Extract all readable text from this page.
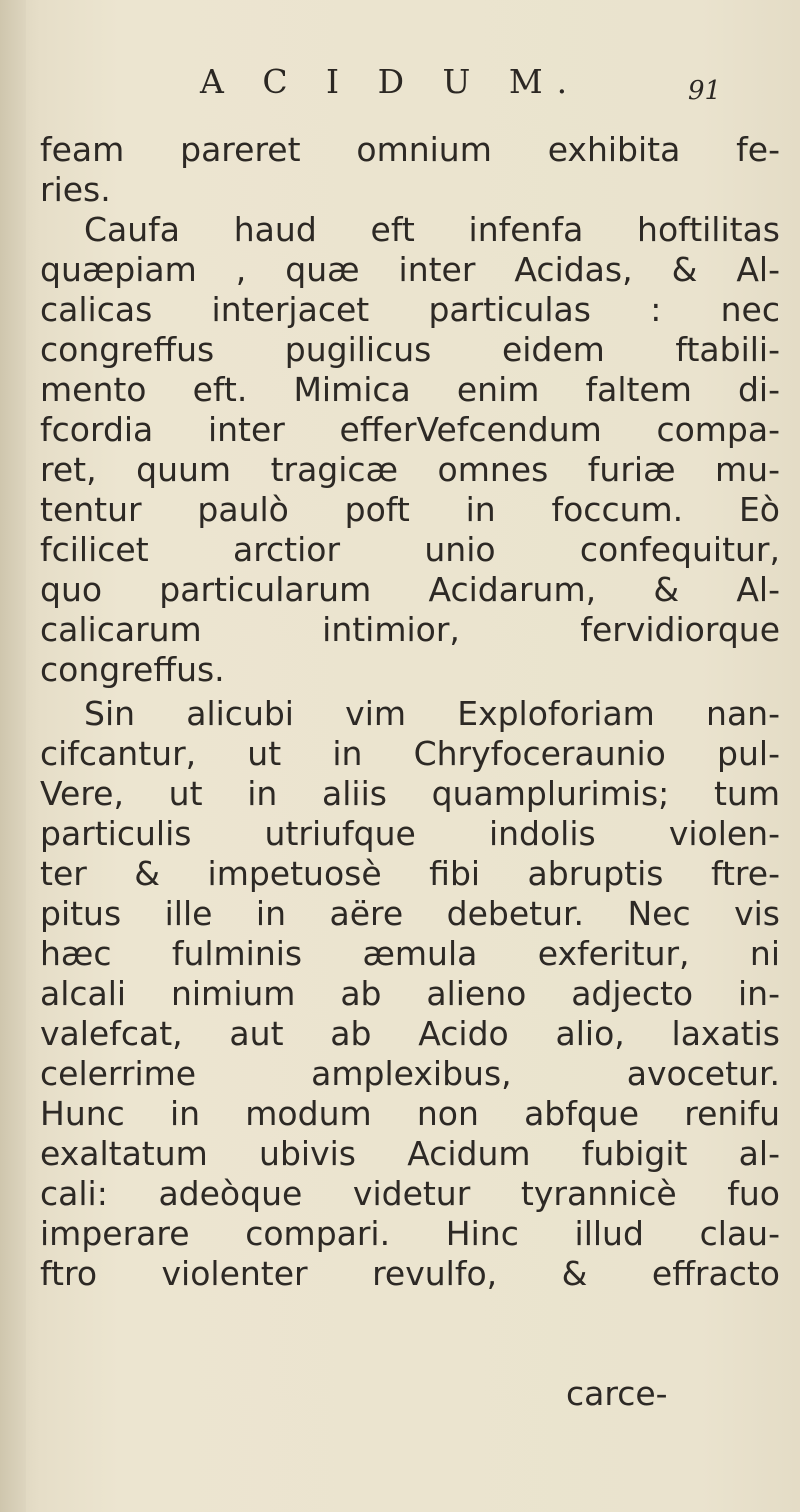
A C I D U M.	91
feam pareret omnium exhibita fe-
ries.
Caufa haud eft infenfa hoftilitas
quæpiam , quæ inter Acidas, & Al-
calicas interjacet particulas : nec
congreffus pugilicus eidem ftabili-
mento eft. Mimica enim faltem di-
fcordia inter efferVefcendum compa-
ret, quum tragicæ omnes furiæ mu-
tentur paulò poft in foccum. Eò
fcilicet arctior unio confequitur,
quo particularum Acidarum, & Al-
calicarum intimior, fervidiorque
congreffus.
Sin alicubi vim Exploforiam nan-
cifcantur, ut in Chryfoceraunio pul-
Vere, ut in aliis quamplurimis; tum
particulis utriufque indolis violen-
ter & impetuosè fibi abruptis ftre-
pitus ille in aëre debetur. Nec vis
hæc fulminis æmula exferitur, ni
alcali nimium ab alieno adjecto in-
valefcat, aut ab Acido alio, laxatis
celerrime amplexibus, avocetur.
Hunc in modum non abfque renifu
exaltatum ubivis Acidum fubigit al-
cali: adeòque videtur tyrannicè fuo
imperare compari. Hinc illud clau-
ftro violenter revulfo, & effracto
carce-
